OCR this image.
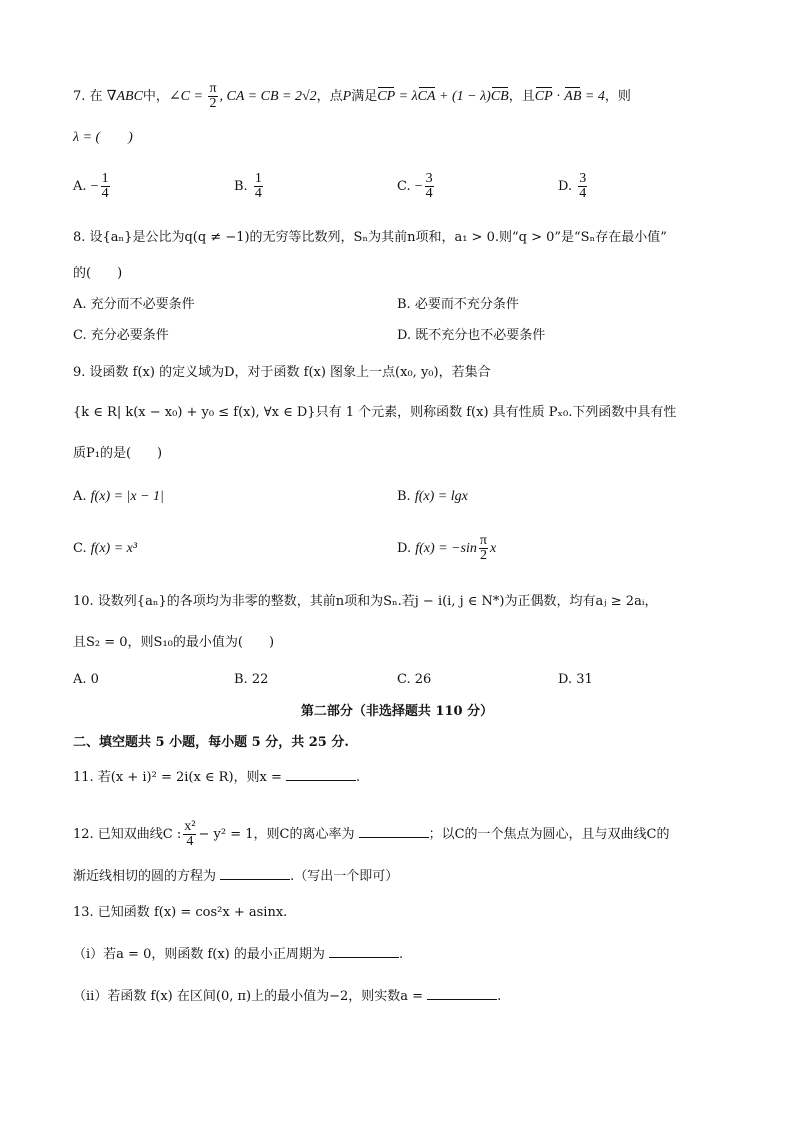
7. 在 ∇ABC中，∠C = $\frac{\pi}{2}$ , CA = CB = 2√2，点P满足CP = λCA + (1 − λ)CB，且CP · AB = 4，则
λ = (　　)
A. − $\frac{1}{4}$	B. $\frac{1}{4}$	C. − $\frac{3}{4}$	D. $\frac{3}{4}$
8. 设{aₙ}是公比为q(q ≠ −1)的无穷等比数列，Sₙ为其前n项和，a₁ > 0.则“q > 0”是“Sₙ存在最小值”
的(　　)
A. 充分而不必要条件	B. 必要而不充分条件
C. 充分必要条件	D. 既不充分也不必要条件
9. 设函数 f(x) 的定义域为D，对于函数 f(x) 图象上一点(x₀, y₀)，若集合
{k ∈ R| k(x − x₀) + y₀ ≤ f(x), ∀x ∈ D}只有 1 个元素，则称函数 f(x) 具有性质 Pₓ₀.下列函数中具有性
质P₁的是(　　)
A. f(x) = |x − 1|	B. f(x) = lgx
C. f(x) = x³	D. $f(x) = -\sin \frac{\pi}{2}$ x
10. 设数列{aₙ}的各项均为非零的整数，其前n项和为Sₙ.若j − i(i, j ∈ N*)为正偶数，均有aⱼ ≥ 2aᵢ，
且S₂ = 0，则S₁₀的最小值为(　　)
A. 0	B. 22	C. 26	D. 31
第二部分（非选择题共 110 分）
二、填空题共 5 小题，每小题 5 分，共 25 分.
11. 若(x + i)² = 2i(x ∈ R)，则x =	.
12. 已知双曲线C : $\frac{\text{x²}}{4} - y^2 = 1$，则C的离心率为	；以C的一个焦点为圆心，且与双曲线C的
渐近线相切的圆的方程为	.（写出一个即可）
13. 已知函数 f(x) = cos²x + asinx.
（i）若a = 0，则函数 f(x) 的最小正周期为	.
（ii）若函数 f(x) 在区间(0, π)上的最小值为−2，则实数a =	.
